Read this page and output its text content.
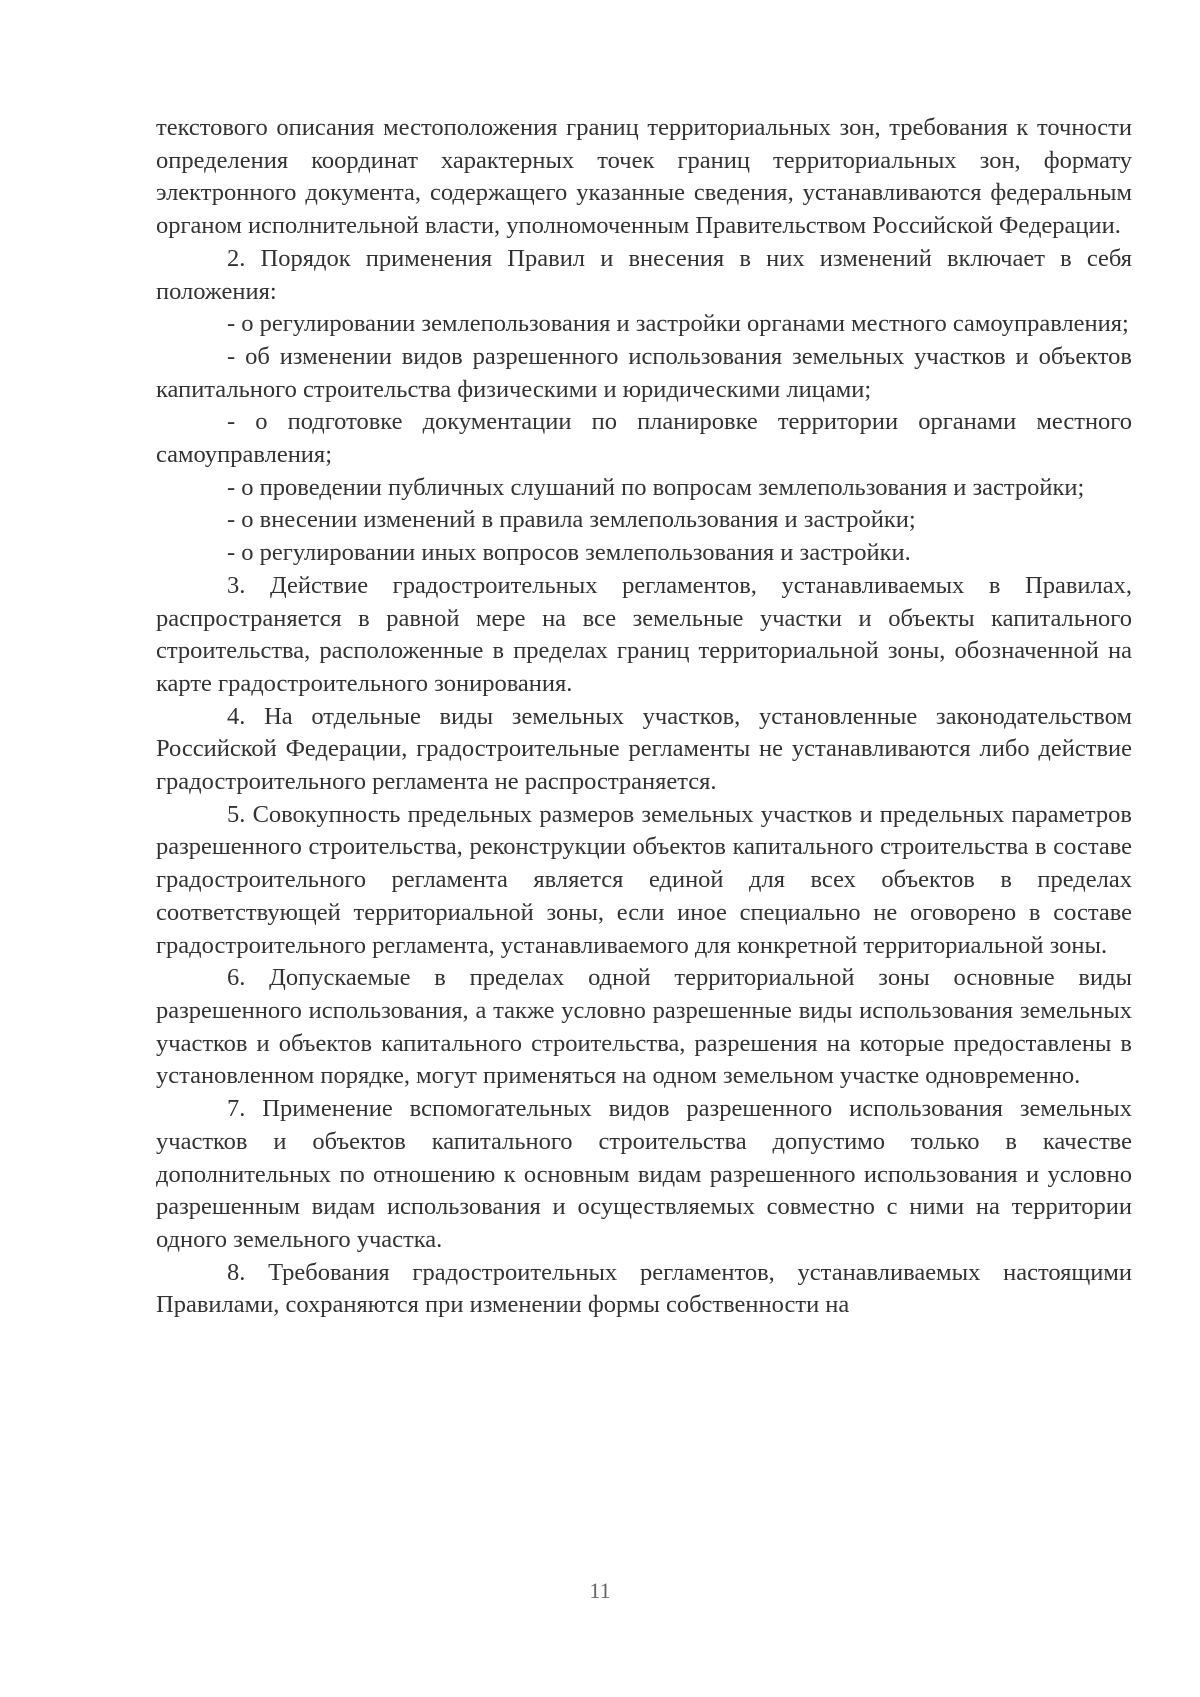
текстового описания местоположения границ территориальных зон, требования к точности определения координат характерных точек границ территориальных зон, формату электронного документа, содержащего указанные сведения, устанавливаются федеральным органом исполнительной власти, уполномоченным Правительством Российской Федерации.

2. Порядок применения Правил и внесения в них изменений включает в себя положения:

- о регулировании землепользования и застройки органами местного самоуправления;

- об изменении видов разрешенного использования земельных участков и объектов капитального строительства физическими и юридическими лицами;

- о подготовке документации по планировке территории органами местного самоуправления;

- о проведении публичных слушаний по вопросам землепользования и застройки;

- о внесении изменений в правила землепользования и застройки;

- о регулировании иных вопросов землепользования и застройки.

3. Действие градостроительных регламентов, устанавливаемых в Правилах, распространяется в равной мере на все земельные участки и объекты капитального строительства, расположенные в пределах границ территориальной зоны, обозначенной на карте градостроительного зонирования.

4. На отдельные виды земельных участков, установленные законодательством Российской Федерации, градостроительные регламенты не устанавливаются либо действие градостроительного регламента не распространяется.

5. Совокупность предельных размеров земельных участков и предельных параметров разрешенного строительства, реконструкции объектов капитального строительства в составе градостроительного регламента является единой для всех объектов в пределах соответствующей территориальной зоны, если иное специально не оговорено в составе градостроительного регламента, устанавливаемого для конкретной территориальной зоны.

6. Допускаемые в пределах одной территориальной зоны основные виды разрешенного использования, а также условно разрешенные виды использования земельных участков и объектов капитального строительства, разрешения на которые предоставлены в установленном порядке, могут применяться на одном земельном участке одновременно.

7. Применение вспомогательных видов разрешенного использования земельных участков и объектов капитального строительства допустимо только в качестве дополнительных по отношению к основным видам разрешенного использования и условно разрешенным видам использования и осуществляемых совместно с ними на территории одного земельного участка.

8. Требования градостроительных регламентов, устанавливаемых настоящими Правилами, сохраняются при изменении формы собственности на

11
